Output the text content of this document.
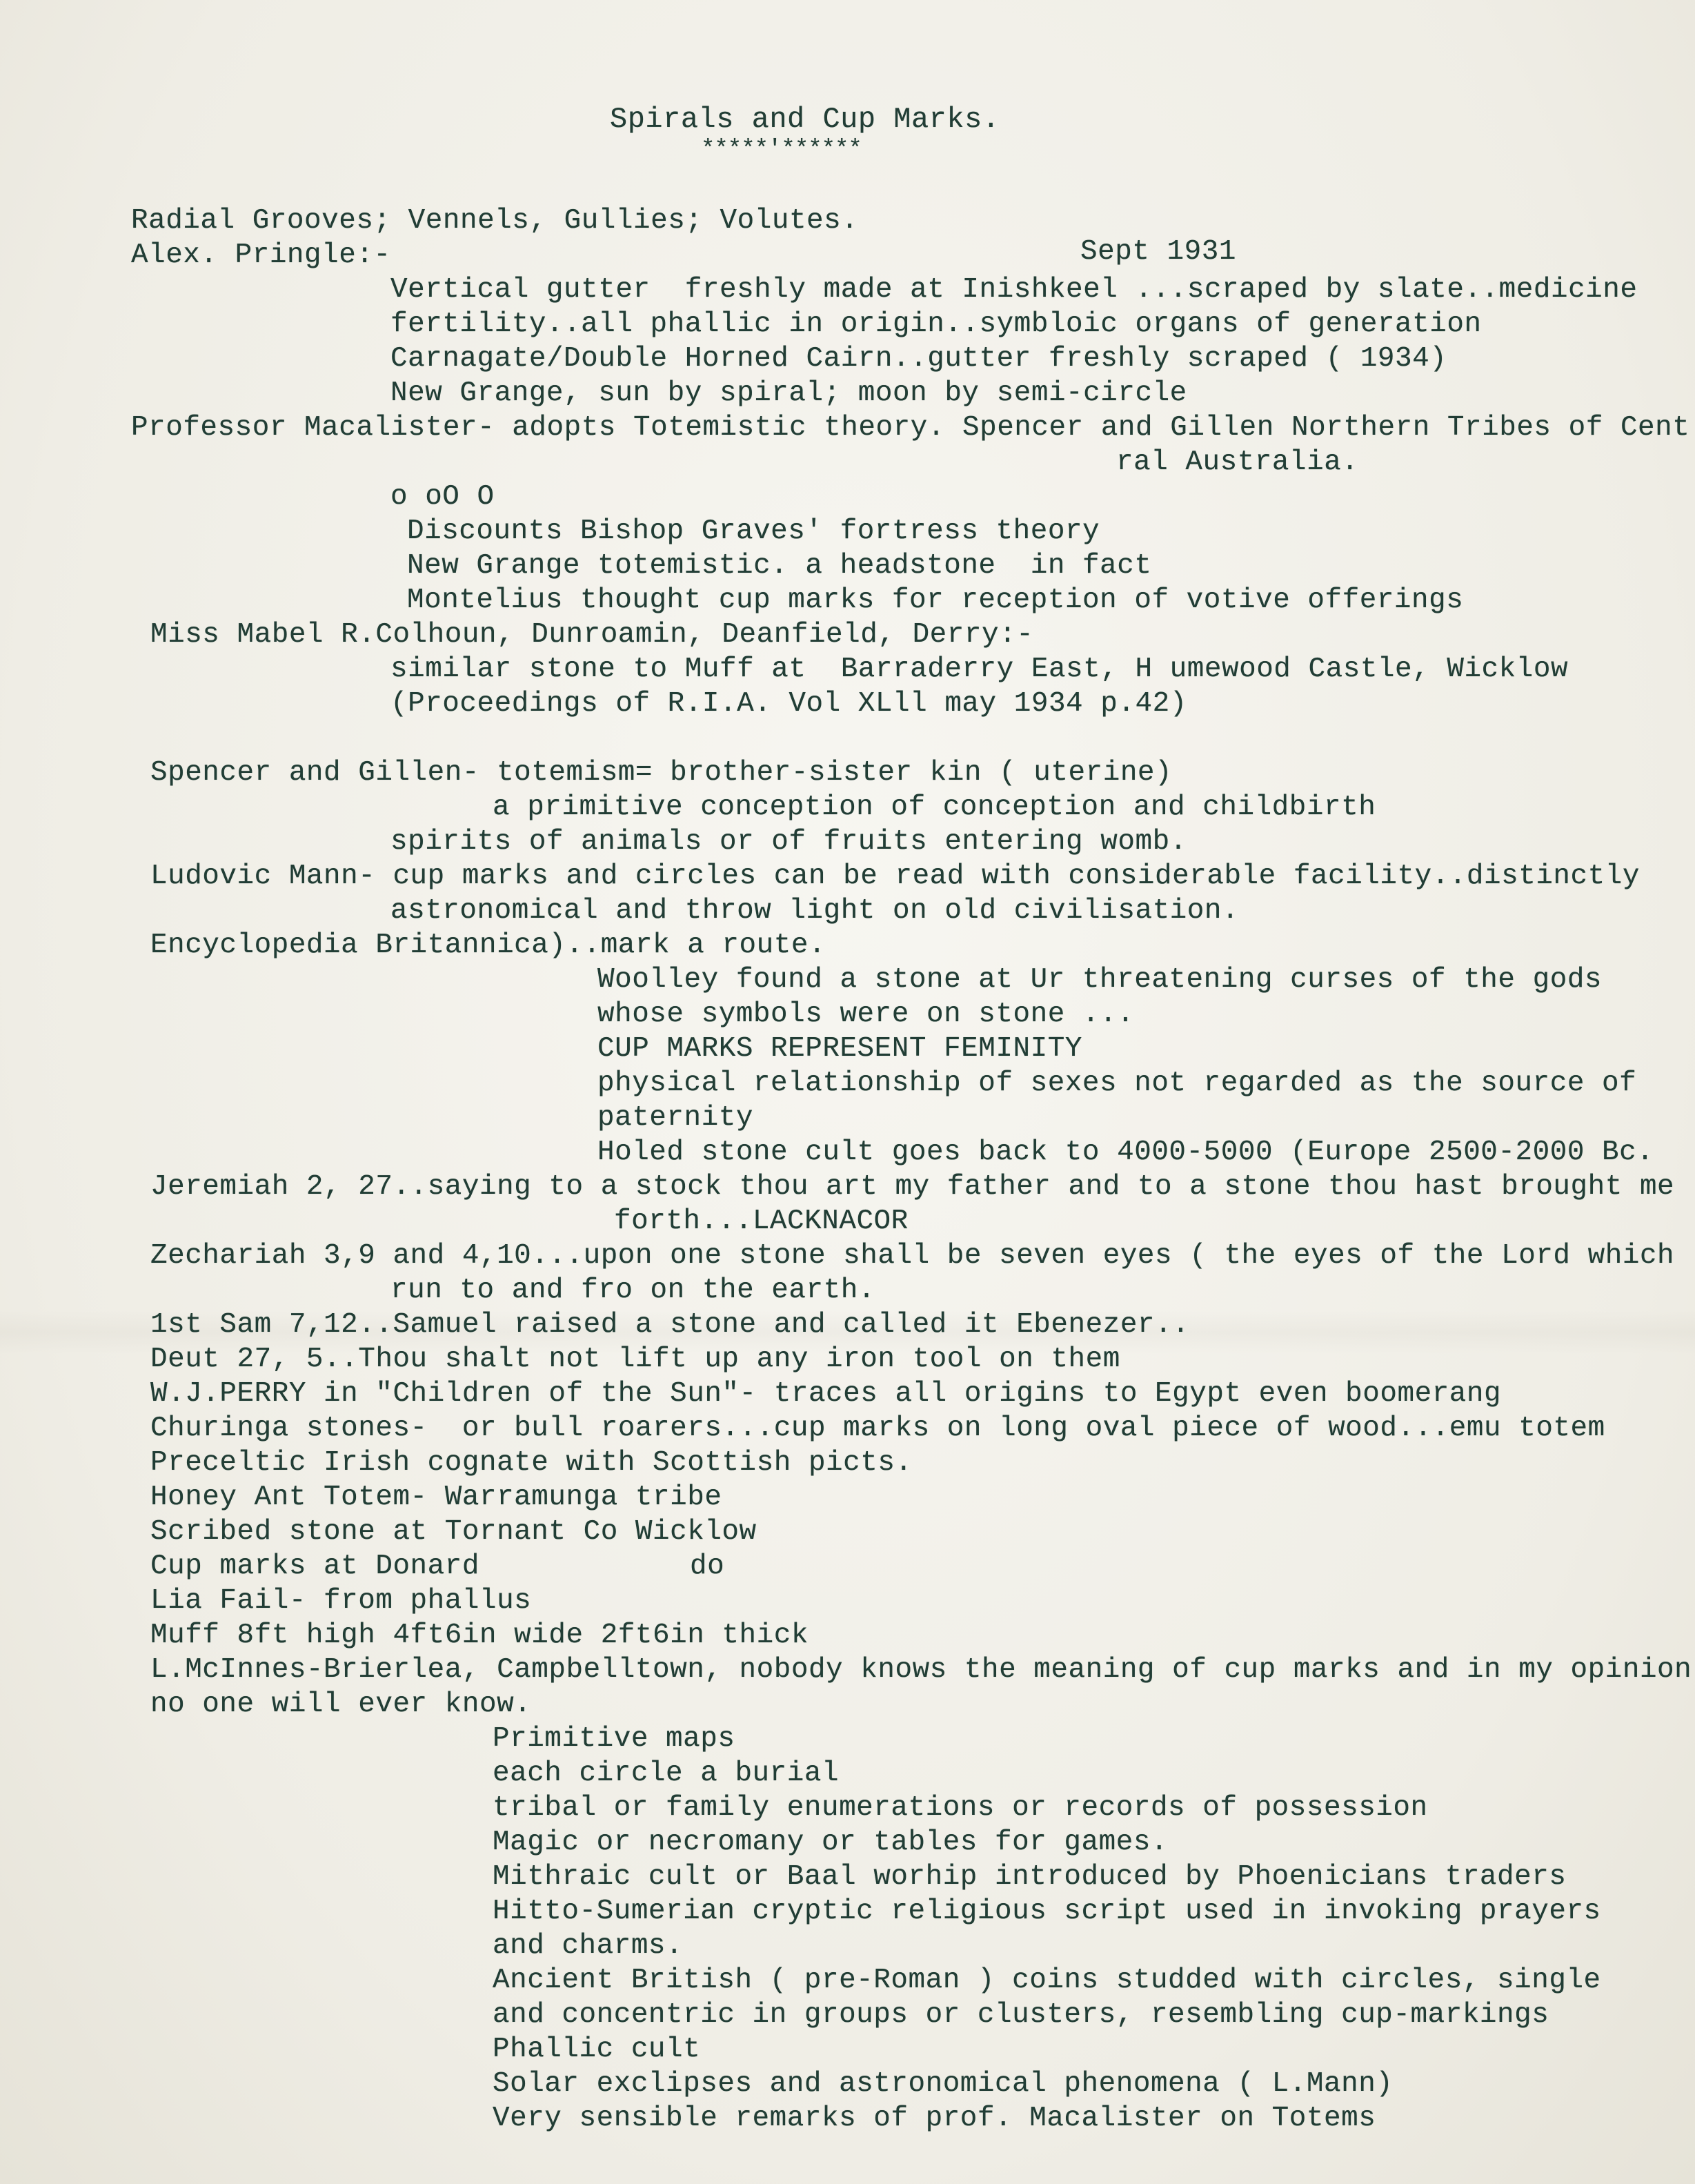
Spirals and Cup Marks.
*****'******
Radial Grooves; Vennels, Gullies; Volutes.
Alex. Pringle:-	Sept 1931
Vertical gutter  freshly made at Inishkeel ...scraped by slate..medicine
fertility..all phallic in origin..symbloic organs of generation
Carnagate/Double Horned Cairn..gutter freshly scraped ( 1934)
New Grange, sun by spiral; moon by semi-circle
Professor Macalister- adopts Totemistic theory. Spencer and Gillen Northern Tribes of Cent
ral Australia.
o oO O
Discounts Bishop Graves' fortress theory
New Grange totemistic. a headstone  in fact
Montelius thought cup marks for reception of votive offerings
Miss Mabel R.Colhoun, Dunroamin, Deanfield, Derry:-
similar stone to Muff at  Barraderry East, H umewood Castle, Wicklow
(Proceedings of R.I.A. Vol XLll may 1934 p.42)
Spencer and Gillen- totemism= brother-sister kin ( uterine)
a primitive conception of conception and childbirth
spirits of animals or of fruits entering womb.
Ludovic Mann- cup marks and circles can be read with considerable facility..distinctly
astronomical and throw light on old civilisation.
Encyclopedia Britannica)..mark a route.
Woolley found a stone at Ur threatening curses of the gods
whose symbols were on stone ...
CUP MARKS REPRESENT FEMINITY
physical relationship of sexes not regarded as the source of
paternity
Holed stone cult goes back to 4000-5000 (Europe 2500-2000 Bc.
Jeremiah 2, 27..saying to a stock thou art my father and to a stone thou hast brought me
forth...LACKNACOR
Zechariah 3,9 and 4,10...upon one stone shall be seven eyes ( the eyes of the Lord which
run to and fro on the earth.
1st Sam 7,12..Samuel raised a stone and called it Ebenezer..
Deut 27, 5..Thou shalt not lift up any iron tool on them
W.J.PERRY in "Children of the Sun"- traces all origins to Egypt even boomerang
Churinga stones-  or bull roarers...cup marks on long oval piece of wood...emu totem
Preceltic Irish cognate with Scottish picts.
Honey Ant Totem- Warramunga tribe
Scribed stone at Tornant Co Wicklow
Cup marks at Donard	do
Lia Fail- from phallus
Muff 8ft high 4ft6in wide 2ft6in thick
L.McInnes-Brierlea, Campbelltown, nobody knows the meaning of cup marks and in my opinion
no one will ever know.
Primitive maps
each circle a burial
tribal or family enumerations or records of possession
Magic or necromany or tables for games.
Mithraic cult or Baal worhip introduced by Phoenicians traders
Hitto-Sumerian cryptic religious script used in invoking prayers
and charms.
Ancient British ( pre-Roman ) coins studded with circles, single
and concentric in groups or clusters, resembling cup-markings
Phallic cult
Solar exclipses and astronomical phenomena ( L.Mann)
Very sensible remarks of prof. Macalister on Totems
